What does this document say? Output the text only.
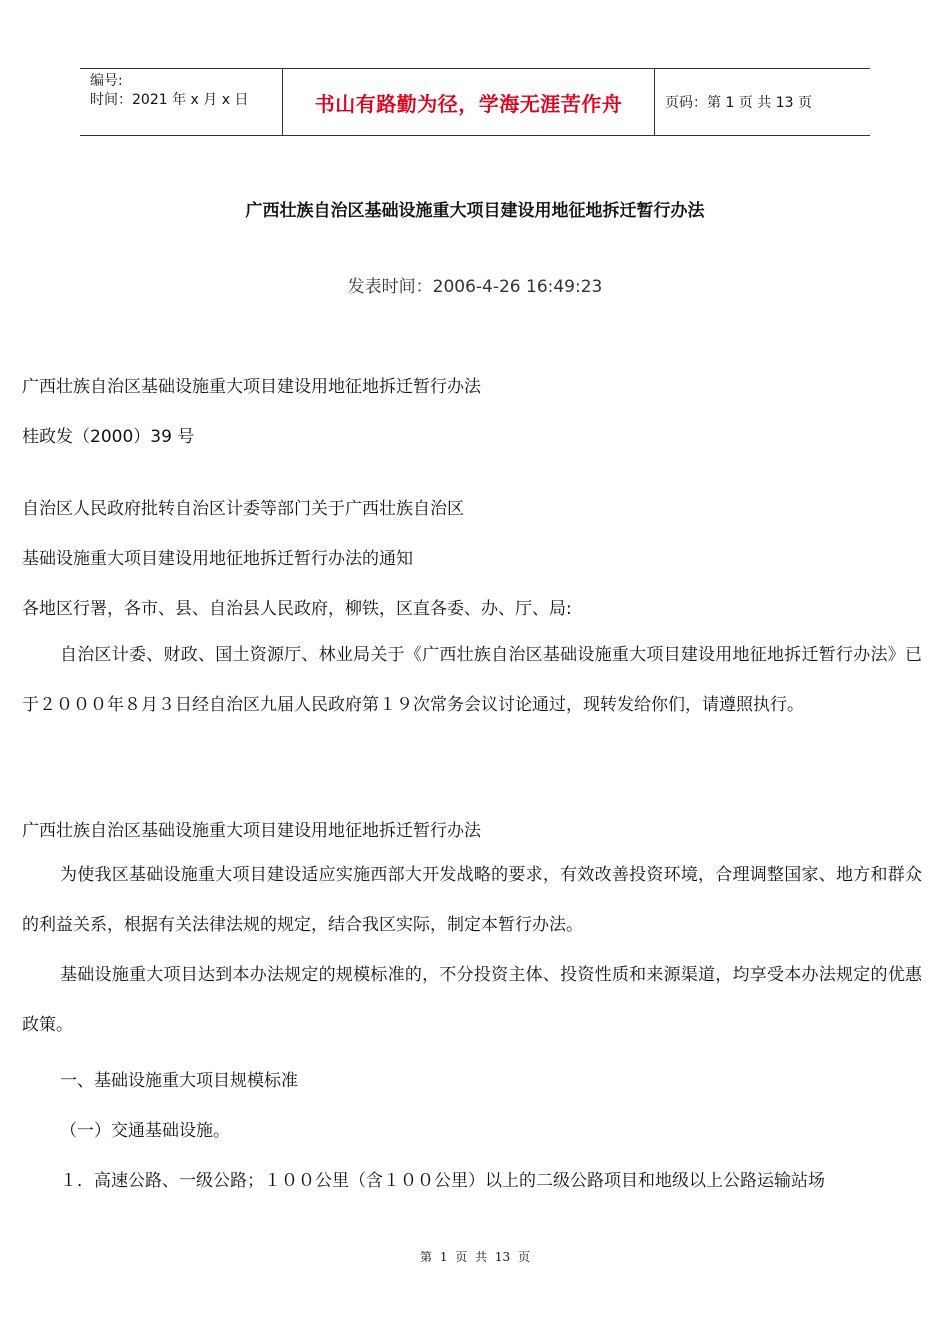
编号:
时间：2021 年 x 月 x 日	书山有路勤为径，学海无涯苦作舟	页码：第 1 页 共 13 页
广西壮族自治区基础设施重大项目建设用地征地拆迁暂行办法
发表时间：2006-4-26 16:49:23
广西壮族自治区基础设施重大项目建设用地征地拆迁暂行办法
桂政发（2000）39 号
自治区人民政府批转自治区计委等部门关于广西壮族自治区
基础设施重大项目建设用地征地拆迁暂行办法的通知
各地区行署，各市、县、自治县人民政府，柳铁，区直各委、办、厅、局:
自治区计委、财政、国土资源厅、林业局关于《广西壮族自治区基础设施重大项目建设用地征地拆迁暂行办法》已于２０００年８月３日经自治区九届人民政府第１９次常务会议讨论通过，现转发给你们，请遵照执行。
广西壮族自治区基础设施重大项目建设用地征地拆迁暂行办法
为使我区基础设施重大项目建设适应实施西部大开发战略的要求，有效改善投资环境，合理调整国家、地方和群众的利益关系，根据有关法律法规的规定，结合我区实际，制定本暂行办法。
基础设施重大项目达到本办法规定的规模标准的，不分投资主体、投资性质和来源渠道，均享受本办法规定的优惠政策。
一、基础设施重大项目规模标准
（一）交通基础设施。
１．高速公路、一级公路；１００公里（含１００公里）以上的二级公路项目和地级以上公路运输站场
第 1 页 共 13 页
